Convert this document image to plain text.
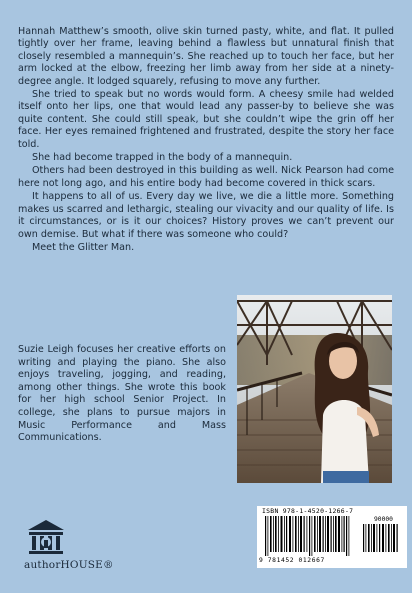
Hannah Matthew’s smooth, olive skin turned pasty, white, and flat. It pulled tightly over her frame, leaving behind a flawless but unnatural finish that closely resembled a mannequin’s. She reached up to touch her face, but her arm locked at the elbow, freezing her limb away from her side at a ninety-degree angle. It lodged squarely, refusing to move any further.

She tried to speak but no words would form. A cheesy smile had welded itself onto her lips, one that would lead any passer-by to believe she was quite content. She could still speak, but she couldn’t wipe the grin off her face. Her eyes remained frightened and frustrated, despite the story her face told.

She had become trapped in the body of a mannequin.

Others had been destroyed in this building as well. Nick Pearson had come here not long ago, and his entire body had become covered in thick scars.

It happens to all of us. Every day we live, we die a little more. Something makes us scarred and lethargic, stealing our vivacity and our quality of life. Is it circumstances, or is it our choices? History proves we can’t prevent our own demise. But what if there was someone who could?

Meet the Glitter Man.

Suzie Leigh focuses her creative efforts on writing and playing the piano. She also enjoys traveling, jogging, and reading, among other things. She wrote this book for her high school Senior Project. In college, she plans to pursue majors in Music Performance and Mass Communications.
authorHOUSE®
ISBN 978-1-4520-1266-7
90000
9 781452 012667
